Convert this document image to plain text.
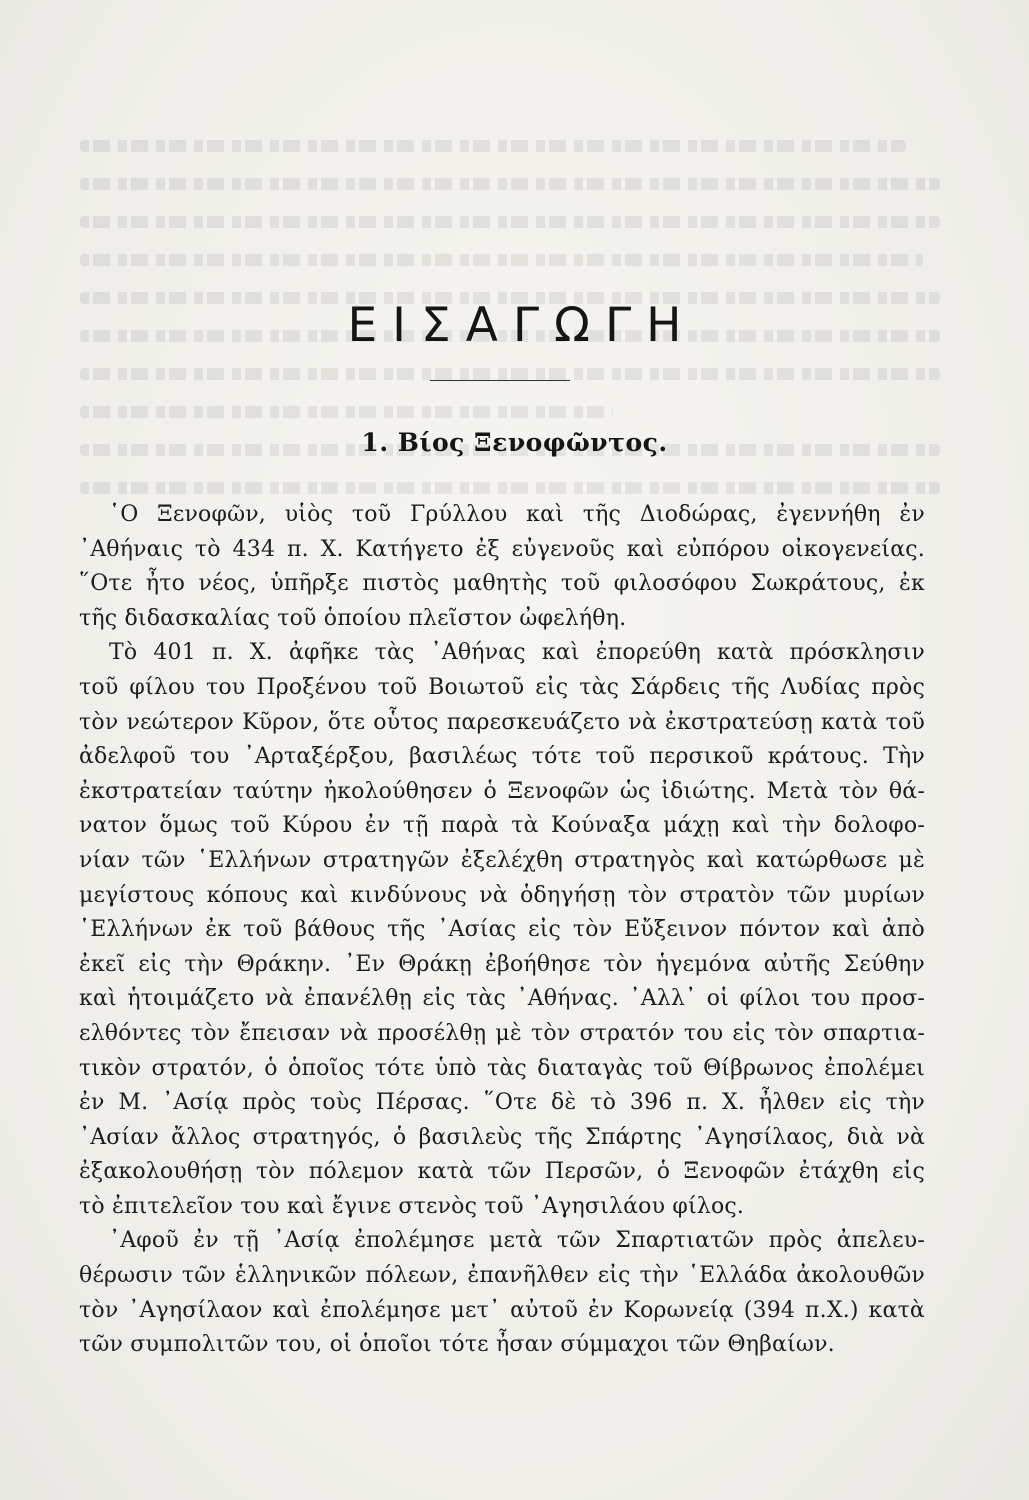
ΕΙΣΑΓΩΓΗ
1. Βίος Ξενοφῶντος.
῾Ο Ξενοφῶν, υἱὸς τοῦ Γρύλλου καὶ τῆς Διοδώρας, ἐγεννήθη ἐν
᾿Αθήναις τὸ 434 π. Χ. Κατήγετο ἐξ εὐγενοῦς καὶ εὐπόρου οἰκογενείας.
῞Οτε ἦτο νέος, ὑπῆρξε πιστὸς μαθητὴς τοῦ φιλοσόφου Σωκράτους, ἐκ
τῆς διδασκαλίας τοῦ ὁποίου πλεῖστον ὠφελήθη.
Τὸ 401 π. Χ. ἀφῆκε τὰς ᾿Αθήνας καὶ ἐπορεύθη κατὰ πρόσκλησιν
τοῦ φίλου του Προξένου τοῦ Βοιωτοῦ εἰς τὰς Σάρδεις τῆς Λυδίας πρὸς
τὸν νεώτερον Κῦρον, ὅτε οὗτος παρεσκευάζετο νὰ ἐκστρατεύσῃ κατὰ τοῦ
ἀδελφοῦ του ᾿Αρταξέρξου, βασιλέως τότε τοῦ περσικοῦ κράτους. Τὴν
ἐκστρατείαν ταύτην ἠκολούθησεν ὁ Ξενοφῶν ὡς ἰδιώτης. Μετὰ τὸν θά-
νατον ὅμως τοῦ Κύρου ἐν τῇ παρὰ τὰ Κούναξα μάχῃ καὶ τὴν δολοφο-
νίαν τῶν ῾Ελλήνων στρατηγῶν ἐξελέχθη στρατηγὸς καὶ κατώρθωσε μὲ
μεγίστους κόπους καὶ κινδύνους νὰ ὁδηγήσῃ τὸν στρατὸν τῶν μυρίων
῾Ελλήνων ἐκ τοῦ βάθους τῆς ᾿Ασίας εἰς τὸν Εὔξεινον πόντον καὶ ἀπὸ
ἐκεῖ εἰς τὴν Θράκην. ᾿Εν Θράκῃ ἐβοήθησε τὸν ἡγεμόνα αὐτῆς Σεύθην
καὶ ἡτοιμάζετο νὰ ἐπανέλθῃ εἰς τὰς ᾿Αθήνας. ᾿Αλλ᾿ οἱ φίλοι του προσ-
ελθόντες τὸν ἔπεισαν νὰ προσέλθῃ μὲ τὸν στρατόν του εἰς τὸν σπαρτια-
τικὸν στρατόν, ὁ ὁποῖος τότε ὑπὸ τὰς διαταγὰς τοῦ Θίβρωνος ἐπολέμει
ἐν Μ. ᾿Ασίᾳ πρὸς τοὺς Πέρσας. ῞Οτε δὲ τὸ 396 π. Χ. ἦλθεν εἰς τὴν
᾿Ασίαν ἄλλος στρατηγός, ὁ βασιλεὺς τῆς Σπάρτης ᾿Αγησίλαος, διὰ νὰ
ἐξακολουθήσῃ τὸν πόλεμον κατὰ τῶν Περσῶν, ὁ Ξενοφῶν ἐτάχθη εἰς
τὸ ἐπιτελεῖον του καὶ ἔγινε στενὸς τοῦ ᾿Αγησιλάου φίλος.
᾿Αφοῦ ἐν τῇ ᾿Ασίᾳ ἐπολέμησε μετὰ τῶν Σπαρτιατῶν πρὸς ἀπελευ-
θέρωσιν τῶν ἑλληνικῶν πόλεων, ἐπανῆλθεν εἰς τὴν ῾Ελλάδα ἀκολουθῶν
τὸν ᾿Αγησίλαον καὶ ἐπολέμησε μετ᾿ αὐτοῦ ἐν Κορωνείᾳ (394 π.Χ.) κατὰ
τῶν συμπολιτῶν του, οἱ ὁποῖοι τότε ἦσαν σύμμαχοι τῶν Θηβαίων.
